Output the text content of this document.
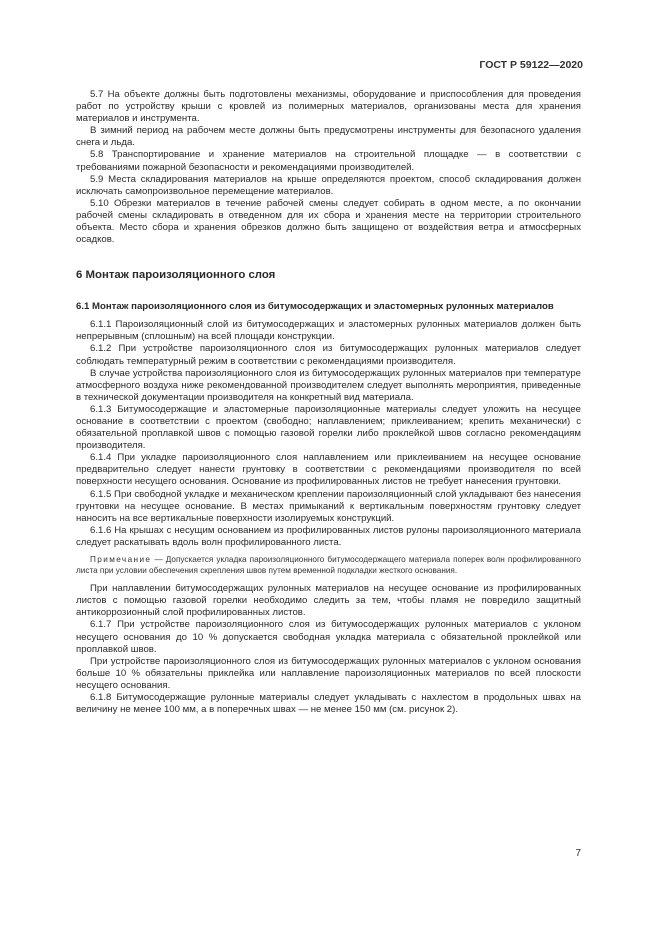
ГОСТ Р 59122—2020

5.7 На объекте должны быть подготовлены механизмы, оборудование и приспособления для проведения работ по устройству крыши с кровлей из полимерных материалов, организованы места для хранения материалов и инструмента.

В зимний период на рабочем месте должны быть предусмотрены инструменты для безопасного удаления снега и льда.

5.8 Транспортирование и хранение материалов на строительной площадке — в соответствии с требованиями пожарной безопасности и рекомендациями производителей.

5.9 Места складирования материалов на крыше определяются проектом, способ складирования должен исключать самопроизвольное перемещение материалов.

5.10 Обрезки материалов в течение рабочей смены следует собирать в одном месте, а по окончании рабочей смены складировать в отведенном для их сбора и хранения месте на территории строительного объекта. Место сбора и хранения обрезков должно быть защищено от воздействия ветра и атмосферных осадков.

6 Монтаж пароизоляционного слоя
6.1 Монтаж пароизоляционного слоя из битумосодержащих и эластомерных рулонных материалов

6.1.1 Пароизоляционный слой из битумосодержащих и эластомерных рулонных материалов должен быть непрерывным (сплошным) на всей площади конструкции.

6.1.2 При устройстве пароизоляционного слоя из битумосодержащих рулонных материалов следует соблюдать температурный режим в соответствии с рекомендациями производителя.

В случае устройства пароизоляционного слоя из битумосодержащих рулонных материалов при температуре атмосферного воздуха ниже рекомендованной производителем следует выполнять мероприятия, приведенные в технической документации производителя на конкретный вид материала.

6.1.3 Битумосодержащие и эластомерные пароизоляционные материалы следует уложить на несущее основание в соответствии с проектом (свободно; наплавлением; приклеиванием; крепить механически) с обязательной проплавкой швов с помощью газовой горелки либо проклейкой швов согласно рекомендациям производителя.

6.1.4 При укладке пароизоляционного слоя наплавлением или приклеиванием на несущее основание предварительно следует нанести грунтовку в соответствии с рекомендациями производителя по всей поверхности несущего основания. Основание из профилированных листов не требует нанесения грунтовки.

6.1.5 При свободной укладке и механическом креплении пароизоляционный слой укладывают без нанесения грунтовки на несущее основание. В местах примыканий к вертикальным поверхностям грунтовку следует наносить на все вертикальные поверхности изолируемых конструкций.

6.1.6 На крышах с несущим основанием из профилированных листов рулоны пароизоляционного материала следует раскатывать вдоль волн профилированного листа.

Примечание — Допускается укладка пароизоляционного битумосодержащего материала поперек волн профилированного листа при условии обеспечения скрепления швов путем временной подкладки жесткого основания.

При наплавлении битумосодержащих рулонных материалов на несущее основание из профилированных листов с помощью газовой горелки необходимо следить за тем, чтобы пламя не повредило защитный антикоррозионный слой профилированных листов.

6.1.7 При устройстве пароизоляционного слоя из битумосодержащих рулонных материалов с уклоном несущего основания до 10 % допускается свободная укладка материала с обязательной проклейкой или проплавкой швов.

При устройстве пароизоляционного слоя из битумосодержащих рулонных материалов с уклоном основания больше 10 % обязательны приклейка или наплавление пароизоляционных материалов по всей плоскости несущего основания.

6.1.8 Битумосодержащие рулонные материалы следует укладывать с нахлестом в продольных швах на величину не менее 100 мм, а в поперечных швах — не менее 150 мм (см. рисунок 2).

7
